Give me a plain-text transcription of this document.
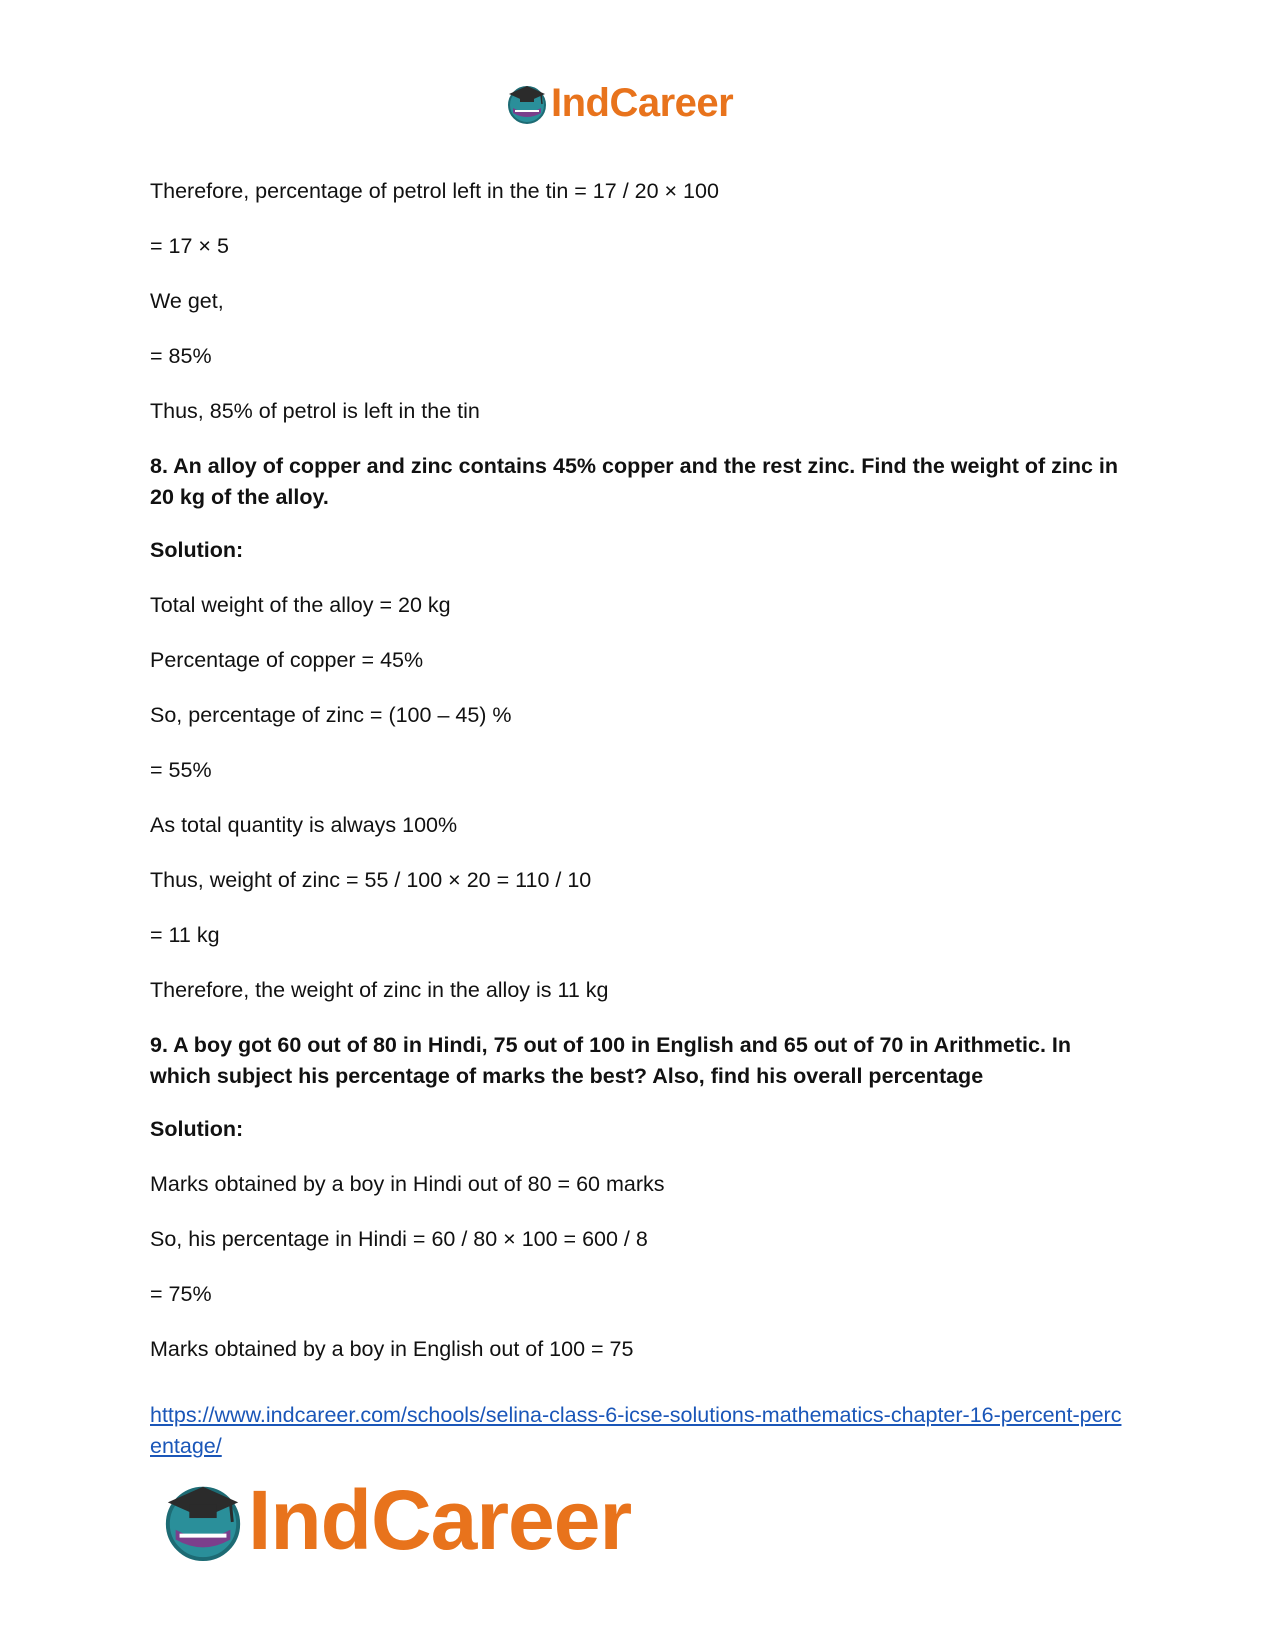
IndCareer

Therefore, percentage of petrol left in the tin = 17 / 20 × 100

= 17 × 5

We get,

= 85%

Thus, 85% of petrol is left in the tin

8. An alloy of copper and zinc contains 45% copper and the rest zinc. Find the weight of zinc in 20 kg of the alloy.

Solution:

Total weight of the alloy = 20 kg

Percentage of copper = 45%

So, percentage of zinc = (100 – 45) %

= 55%

As total quantity is always 100%

Thus, weight of zinc = 55 / 100 × 20 = 110 / 10

= 11 kg

Therefore, the weight of zinc in the alloy is 11 kg

9. A boy got 60 out of 80 in Hindi, 75 out of 100 in English and 65 out of 70 in Arithmetic. In which subject his percentage of marks the best? Also, find his overall percentage

Solution:

Marks obtained by a boy in Hindi out of 80 = 60 marks

So, his percentage in Hindi = 60 / 80 × 100 = 600 / 8

= 75%

Marks obtained by a boy in English out of 100 = 75

https://www.indcareer.com/schools/selina-class-6-icse-solutions-mathematics-chapter-16-percent-percentage/
IndCareer
